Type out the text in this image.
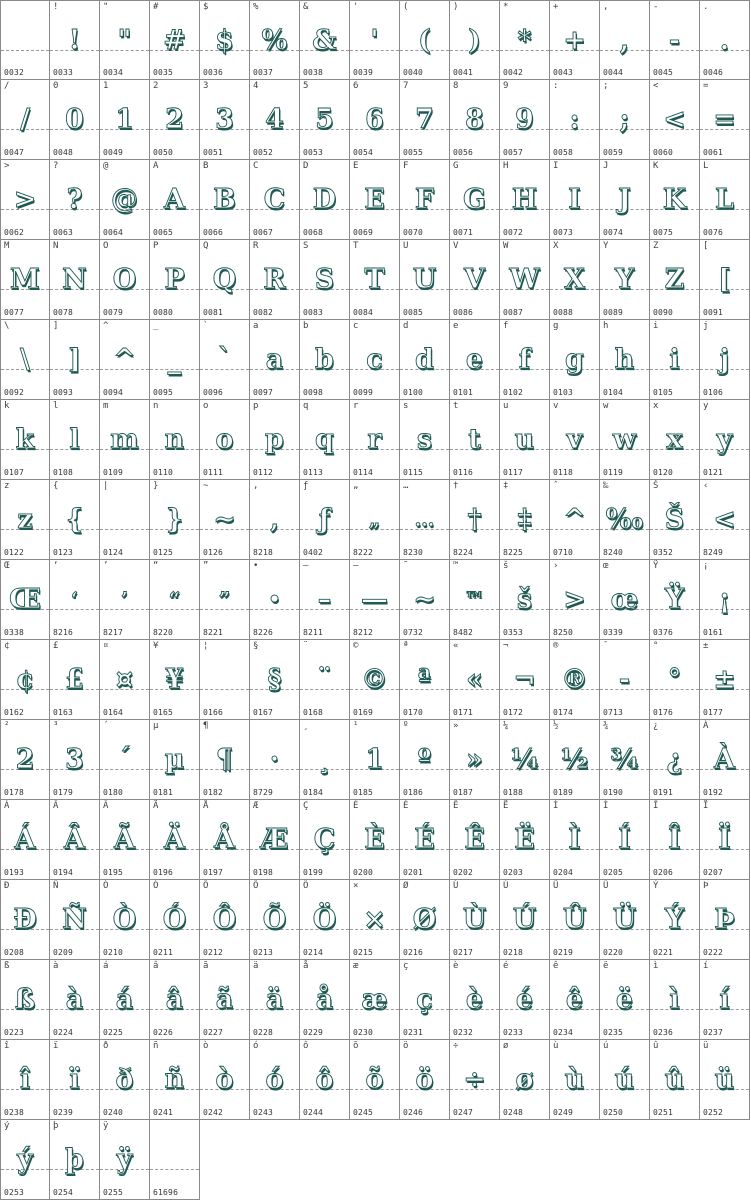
0032
!
!
0033
"
"
0034
#
#
0035
$
$
0036
%
%
0037
&
&
0038
'
'
0039
(
(
0040
)
)
0041
*
*
0042
+
+
0043
,
,
0044
-
-
0045
.
.
0046
/
/
0047
0
0
0048
1
1
0049
2
2
0050
3
3
0051
4
4
0052
5
5
0053
6
6
0054
7
7
0055
8
8
0056
9
9
0057
:
:
0058
;
;
0059
<
<
0060
=
=
0061
>
>
0062
?
?
0063
@
@
0064
A
A
0065
B
B
0066
C
C
0067
D
D
0068
E
E
0069
F
F
0070
G
G
0071
H
H
0072
I
I
0073
J
J
0074
K
K
0075
L
L
0076
M
M
0077
N
N
0078
O
O
0079
P
P
0080
Q
Q
0081
R
R
0082
S
S
0083
T
T
0084
U
U
0085
V
V
0086
W
W
0087
X
X
0088
Y
Y
0089
Z
Z
0090
[
[
0091
\
\
0092
]
]
0093
^
^
0094
_
_
0095
`
`
0096
a
a
0097
b
b
0098
c
c
0099
d
d
0100
e
e
0101
f
f
0102
g
g
0103
h
h
0104
i
i
0105
j
j
0106
k
k
0107
l
l
0108
m
m
0109
n
n
0110
o
o
0111
p
p
0112
q
q
0113
r
r
0114
s
s
0115
t
t
0116
u
u
0117
v
v
0118
w
w
0119
x
x
0120
y
y
0121
z
z
0122
{
{
0123
|
0124
}
}
0125
~
~
0126
‚
‚
8218
ƒ
ƒ
0402
„
„
8222
…
…
8230
†
†
8224
‡
‡
8225
ˆ
^
0710
‰
‰
8240
Š
Š
0352
‹
<
8249
Œ
Œ
0338
‘
‘
8216
’
’
8217
“
“
8220
”
”
8221
•
•
8226
–
–
8211
—
—
8212
˜
~
0732
™
™
8482
š
š
0353
›
>
8250
œ
œ
0339
Ÿ
Ÿ
0376
¡
¡
0161
¢
¢
0162
£
£
0163
¤
¤
0164
¥
¥
0165
¦
0166
§
§
0167
¨
¨
0168
©
©
0169
ª
ª
0170
«
«
0171
¬
¬
0172
®
®
0174
¯
-
0713
°
°
0176
±
±
0177
²
2
0178
³
3
0179
´
´
0180
µ
µ
0181
¶
¶
0182
·
8729
¸
¸
0184
¹
1
0185
º
º
0186
»
»
0187
¼
¼
0188
½
½
0189
¾
¾
0190
¿
¿
0191
À
À
0192
Á
Á
0193
Â
Â
0194
Ã
Ã
0195
Ä
Ä
0196
Å
Å
0197
Æ
Æ
0198
Ç
Ç
0199
È
È
0200
É
É
0201
Ê
Ê
0202
Ë
Ë
0203
Ì
Ì
0204
Í
Í
0205
Î
Î
0206
Ï
Ï
0207
Ð
Ð
0208
Ñ
Ñ
0209
Ò
Ò
0210
Ó
Ó
0211
Ô
Ô
0212
Õ
Õ
0213
Ö
Ö
0214
×
×
0215
Ø
Ø
0216
Ù
Ù
0217
Ú
Ú
0218
Û
Û
0219
Ü
Ü
0220
Ý
Ý
0221
Þ
Þ
0222
ß
ß
0223
à
à
0224
á
á
0225
â
â
0226
ã
ã
0227
ä
ä
0228
å
å
0229
æ
æ
0230
ç
ç
0231
è
è
0232
é
é
0233
ê
ê
0234
ë
ë
0235
ì
ì
0236
í
í
0237
î
î
0238
ï
ï
0239
ð
ð
0240
ñ
ñ
0241
ò
ò
0242
ó
ó
0243
ô
ô
0244
õ
õ
0245
ö
ö
0246
÷
÷
0247
ø
ø
0248
ù
ù
0249
ú
ú
0250
û
û
0251
ü
ü
0252
ý
ý
0253
þ
þ
0254
ÿ
ÿ
0255	61696
